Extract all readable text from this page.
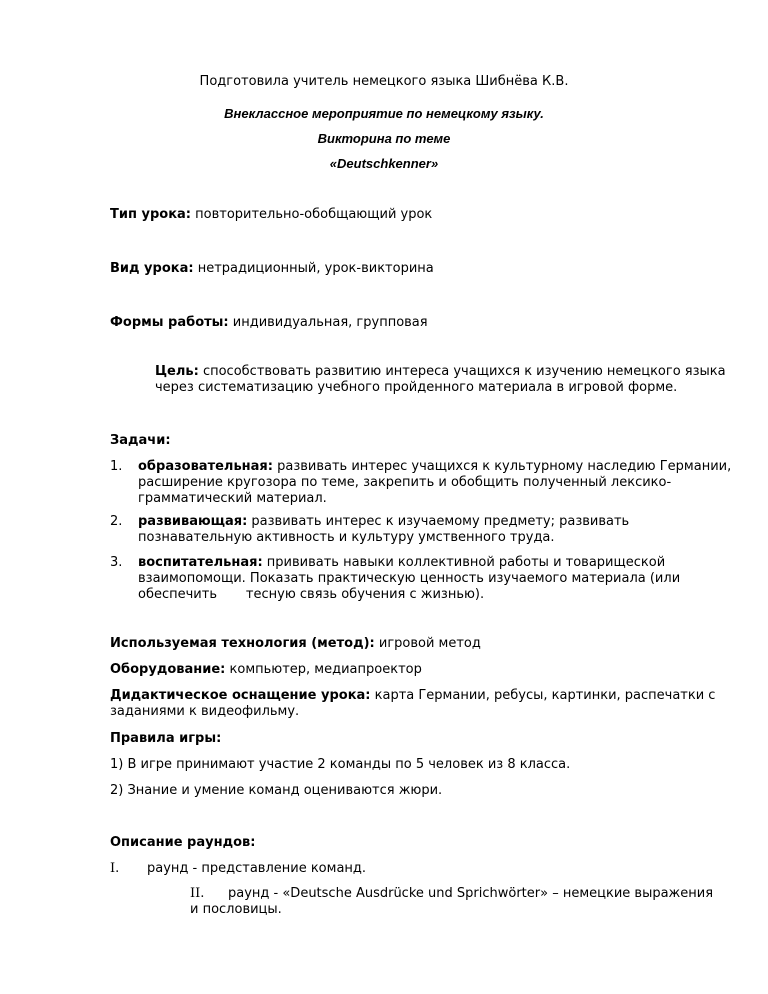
Подготовила учитель немецкого языка Шибнёва К.В.
Внеклассное мероприятие по немецкому языку.
Викторина по теме
«Deutschkenner»
Тип урока: повторительно-обобщающий урок
Вид урока: нетрадиционный, урок-викторина
Формы работы: индивидуальная, групповая
Цель: способствовать развитию интереса учащихся к изучению немецкого языка
через систематизацию учебного пройденного материала в игровой форме.
Задачи:
1. образовательная: развивать интерес учащихся к культурному наследию Германии,
расширение кругозора по теме, закрепить и обобщить полученный лексико-
грамматический материал.
2. развивающая: развивать интерес к изучаемому предмету; развивать
познавательную активность и культуру умственного труда.
3. воспитательная: прививать навыки коллективной работы и товарищеской
взаимопомощи. Показать практическую ценность изучаемого материала (или
обеспечить       тесную связь обучения с жизнью).
Используемая технология (метод): игровой метод
Оборудование: компьютер, медиапроектор
Дидактическое оснащение урока: карта Германии, ребусы, картинки, распечатки с
заданиями к видеофильму.
Правила игры:
1) В игре принимают участие 2 команды по 5 человек из 8 класса.
2) Знание и умение команд оцениваются жюри.
Описание раундов:
I. раунд - представление команд.
II. раунд - «Deutsche Ausdrücke und Sprichwörter» – немецкие выражения
и пословицы.
